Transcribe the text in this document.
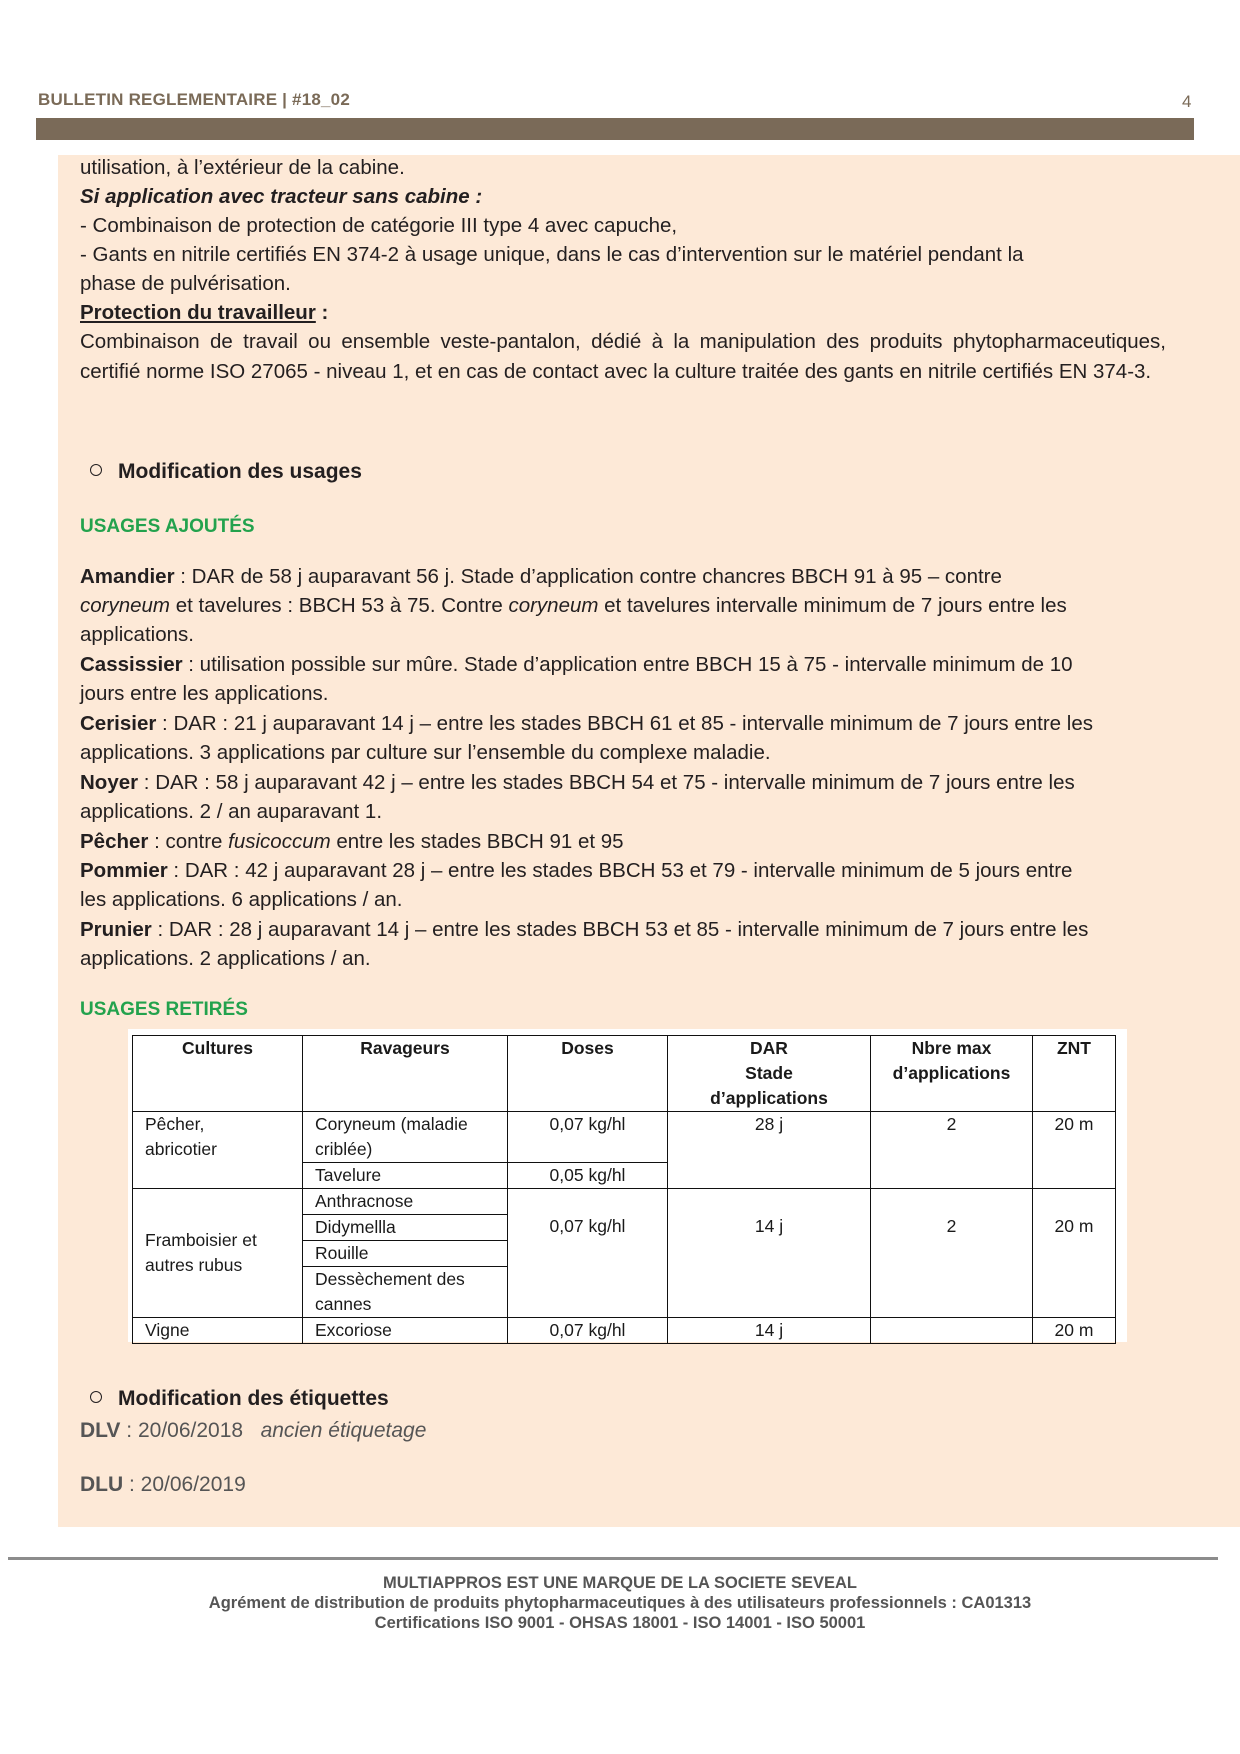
BULLETIN REGLEMENTAIRE | #18_02	4
utilisation, à l’extérieur de la cabine.
Si application avec tracteur sans cabine :
- Combinaison de protection de catégorie III type 4 avec capuche,
- Gants en nitrile certifiés EN 374-2 à usage unique, dans le cas d’intervention sur le matériel pendant la
phase de pulvérisation.
Protection du travailleur :
Combinaison de travail ou ensemble veste-pantalon, dédié à la manipulation des produits phytopharmaceutiques, certifié norme ISO 27065 - niveau 1, et en cas de contact avec la culture traitée des gants en nitrile certifiés EN 374-3.
Modification des usages
USAGES AJOUTÉS
Amandier : DAR de 58 j auparavant 56 j. Stade d’application contre chancres BBCH 91 à 95 – contre
coryneum et tavelures : BBCH 53 à 75. Contre coryneum et tavelures intervalle minimum de 7 jours entre les
applications.
Cassissier : utilisation possible sur mûre. Stade d’application entre BBCH 15 à 75 - intervalle minimum de 10
jours entre les applications.
Cerisier : DAR : 21 j auparavant 14 j – entre les stades BBCH 61 et 85 - intervalle minimum de 7 jours entre les
applications. 3 applications par culture sur l’ensemble du complexe maladie.
Noyer : DAR : 58 j auparavant 42 j – entre les stades BBCH 54 et 75 - intervalle minimum de 7 jours entre les
applications. 2 / an auparavant 1.
Pêcher : contre fusicoccum entre les stades BBCH 91 et 95
Pommier : DAR : 42 j auparavant 28 j – entre les stades BBCH 53 et 79 - intervalle minimum de 5 jours entre
les applications. 6 applications / an.
Prunier : DAR : 28 j auparavant 14 j – entre les stades BBCH 53 et 85 - intervalle minimum de 7 jours entre les
applications. 2 applications / an.
USAGES RETIRÉS
Cultures	Ravageurs	Doses	DAR
Stade
d’applications	Nbre max
d’applications	ZNT
Pêcher,
abricotier	Coryneum (maladie
criblée)	0,07 kg/hl	28 j	2	20 m
	Tavelure	0,05 kg/hl			
Framboisier et
autres rubus	Anthracnose	0,07 kg/hl	14 j	2	20 m
	Didymellla				
	Rouille				
	Dessèchement des
cannes				
Vigne	Excoriose	0,07 kg/hl	14 j		20 m
Modification des étiquettes
DLV : 20/06/2018 ancien étiquetage
DLU : 20/06/2019
MULTIAPPROS EST UNE MARQUE DE LA SOCIETE SEVEAL
Agrément de distribution de produits phytopharmaceutiques à des utilisateurs professionnels : CA01313
Certifications ISO 9001 - OHSAS 18001 - ISO 14001 - ISO 50001
